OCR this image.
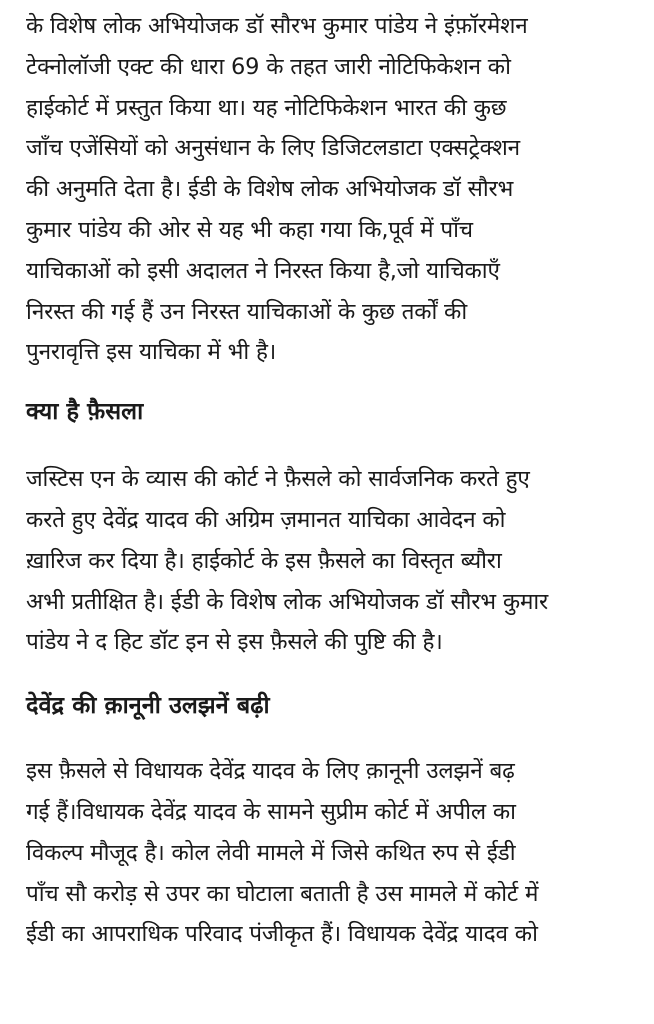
के विशेष लोक अभियोजक डॉ सौरभ कुमार पांडेय ने इंफ़ॉरमेशन
टेक्नोलॉजी एक्ट की धारा 69 के तहत जारी नोटिफिकेशन को
हाईकोर्ट में प्रस्तुत किया था। यह नोटिफिकेशन भारत की कुछ
जाँच एजेंसियों को अनुसंधान के लिए डिजिटलडाटा एक्सट्रेक्शन
की अनुमति देता है। ईडी के विशेष लोक अभियोजक डॉ सौरभ
कुमार पांडेय की ओर से यह भी कहा गया कि,पूर्व में पाँच
याचिकाओं को इसी अदालत ने निरस्त किया है,जो याचिकाएँ
निरस्त की गई हैं उन निरस्त याचिकाओं के कुछ तर्कों की
पुनरावृत्ति इस याचिका में भी है।

क्या है फ़ैसला

जस्टिस एन के व्यास की कोर्ट ने फ़ैसले को सार्वजनिक करते हुए
करते हुए देवेंद्र यादव की अग्रिम ज़मानत याचिका आवेदन को
ख़ारिज कर दिया है। हाईकोर्ट के इस फ़ैसले का विस्तृत ब्यौरा
अभी प्रतीक्षित है। ईडी के विशेष लोक अभियोजक डॉ सौरभ कुमार
पांडेय ने द हिट डॉट इन से इस फ़ैसले की पुष्टि की है।

देवेंद्र की क़ानूनी उलझनें बढ़ी

इस फ़ैसले से विधायक देवेंद्र यादव के लिए क़ानूनी उलझनें बढ़
गई हैं।विधायक देवेंद्र यादव के सामने सुप्रीम कोर्ट में अपील का
विकल्प मौजूद है। कोल लेवी मामले में जिसे कथित रुप से ईडी
पाँच सौ करोड़ से उपर का घोटाला बताती है उस मामले में कोर्ट में
ईडी का आपराधिक परिवाद पंजीकृत हैं। विधायक देवेंद्र यादव को
